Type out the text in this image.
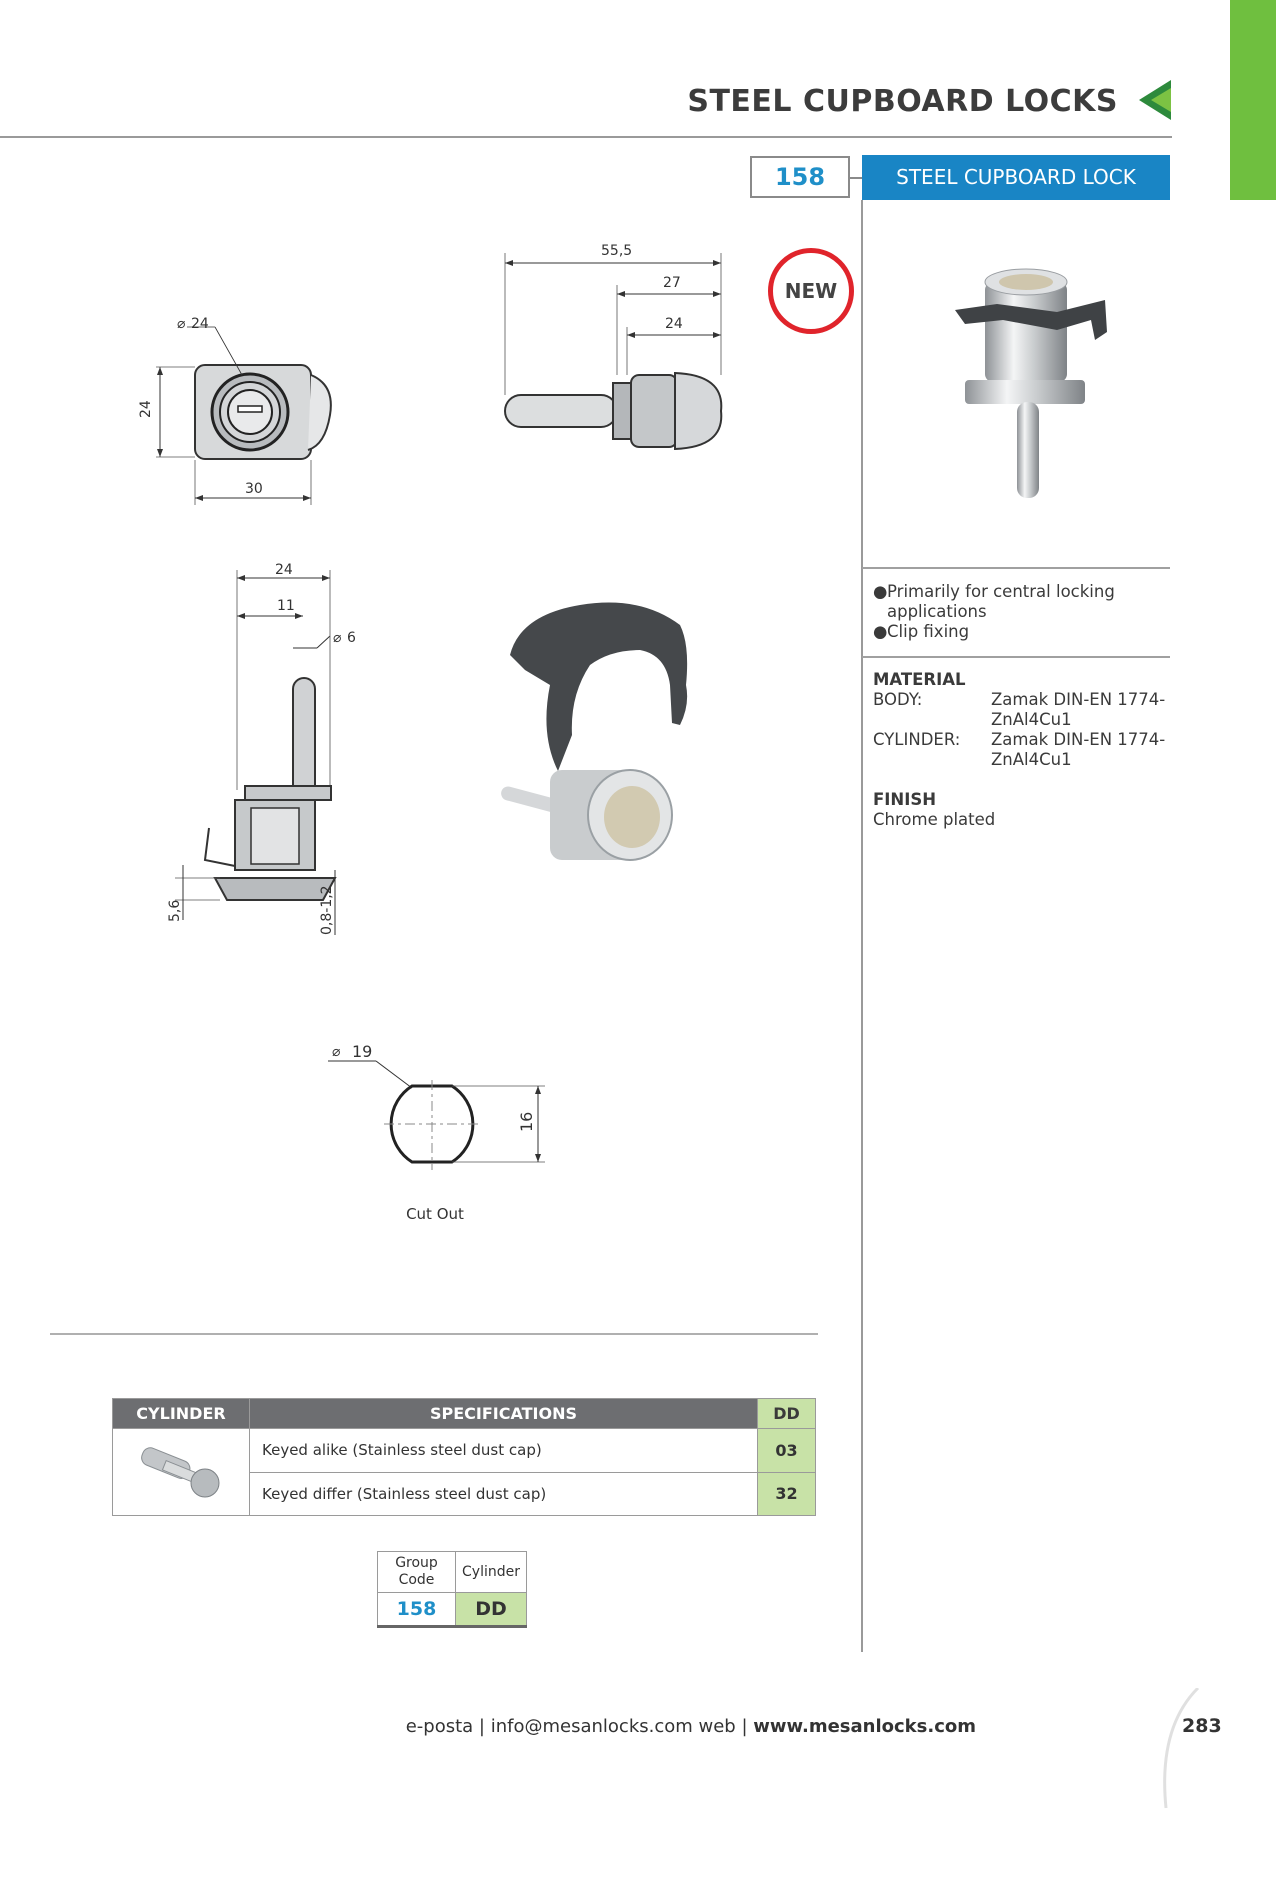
STEEL CUPBOARD LOCKS
158	STEEL CUPBOARD LOCK
● Primarily for central locking applications
● Clip fixing
MATERIAL
BODY:	Zamak DIN-EN 1774-ZnAl4Cu1
CYLINDER:	Zamak DIN-EN 1774-ZnAl4Cu1
FINISH
Chrome plated
NEW
24
⌀ 24
30
55,5
27
24
24
11
⌀ 6
5,6	0,8-1,2
⌀ 19
16
Cut Out
CYLINDER	SPECIFICATIONS	DD
	Keyed alike (Stainless steel dust cap)	03
	Keyed differ (Stainless steel dust cap)	32
Group Code	Cylinder
158	DD
e-posta | info@mesanlocks.com web | www.mesanlocks.com	283
